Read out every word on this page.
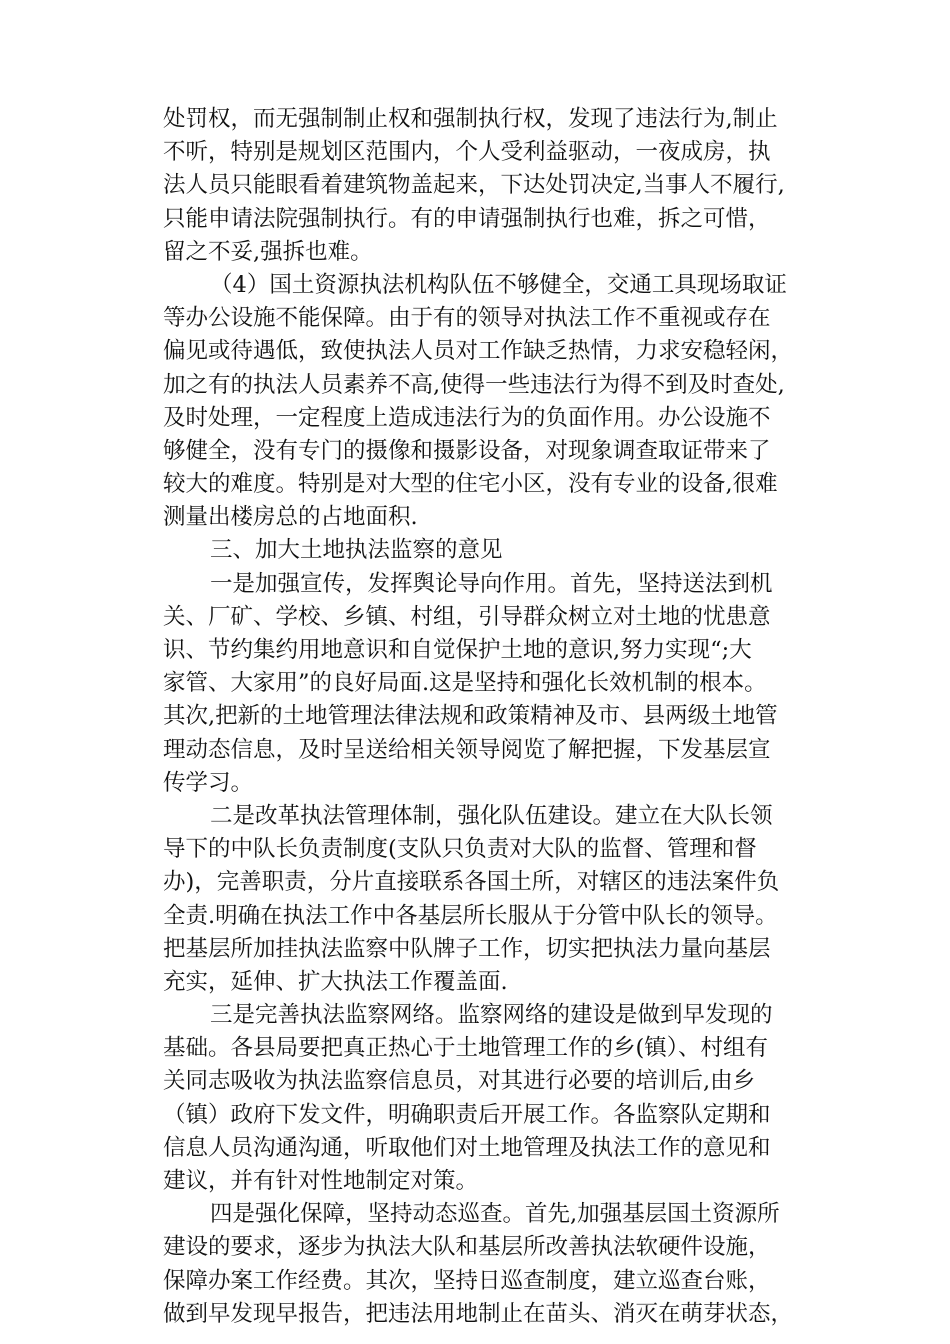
处罚权，而无强制制止权和强制执行权，发现了违法行为,制止
不听，特别是规划区范围内，个人受利益驱动，一夜成房，执
法人员只能眼看着建筑物盖起来，下达处罚决定,当事人不履行,
只能申请法院强制执行。有的申请强制执行也难，拆之可惜，
留之不妥,强拆也难。
（4）国土资源执法机构队伍不够健全，交通工具现场取证
等办公设施不能保障。由于有的领导对执法工作不重视或存在
偏见或待遇低，致使执法人员对工作缺乏热情，力求安稳轻闲，
加之有的执法人员素养不高,使得一些违法行为得不到及时查处,
及时处理，一定程度上造成违法行为的负面作用。办公设施不
够健全，没有专门的摄像和摄影设备，对现象调查取证带来了
较大的难度。特别是对大型的住宅小区，没有专业的设备,很难
测量出楼房总的占地面积.
三、加大土地执法监察的意见
一是加强宣传，发挥舆论导向作用。首先，坚持送法到机
关、厂矿、学校、乡镇、村组，引导群众树立对土地的忧患意
识、节约集约用地意识和自觉保护土地的意识,努力实现“;大
家管、大家用”的良好局面.这是坚持和强化长效机制的根本。
其次,把新的土地管理法律法规和政策精神及市、县两级土地管
理动态信息，及时呈送给相关领导阅览了解把握，下发基层宣
传学习。
二是改革执法管理体制，强化队伍建设。建立在大队长领
导下的中队长负责制度(支队只负责对大队的监督、管理和督
办)，完善职责，分片直接联系各国土所，对辖区的违法案件负
全责.明确在执法工作中各基层所长服从于分管中队长的领导。
把基层所加挂执法监察中队牌子工作，切实把执法力量向基层
充实，延伸、扩大执法工作覆盖面.
三是完善执法监察网络。监察网络的建设是做到早发现的
基础。各县局要把真正热心于土地管理工作的乡(镇）、村组有
关同志吸收为执法监察信息员，对其进行必要的培训后,由乡
（镇）政府下发文件，明确职责后开展工作。各监察队定期和
信息人员沟通沟通，听取他们对土地管理及执法工作的意见和
建议，并有针对性地制定对策。
四是强化保障，坚持动态巡查。首先,加强基层国土资源所
建设的要求，逐步为执法大队和基层所改善执法软硬件设施，
保障办案工作经费。其次，坚持日巡查制度，建立巡查台账，
做到早发现早报告，把违法用地制止在苗头、消灭在萌芽状态，
